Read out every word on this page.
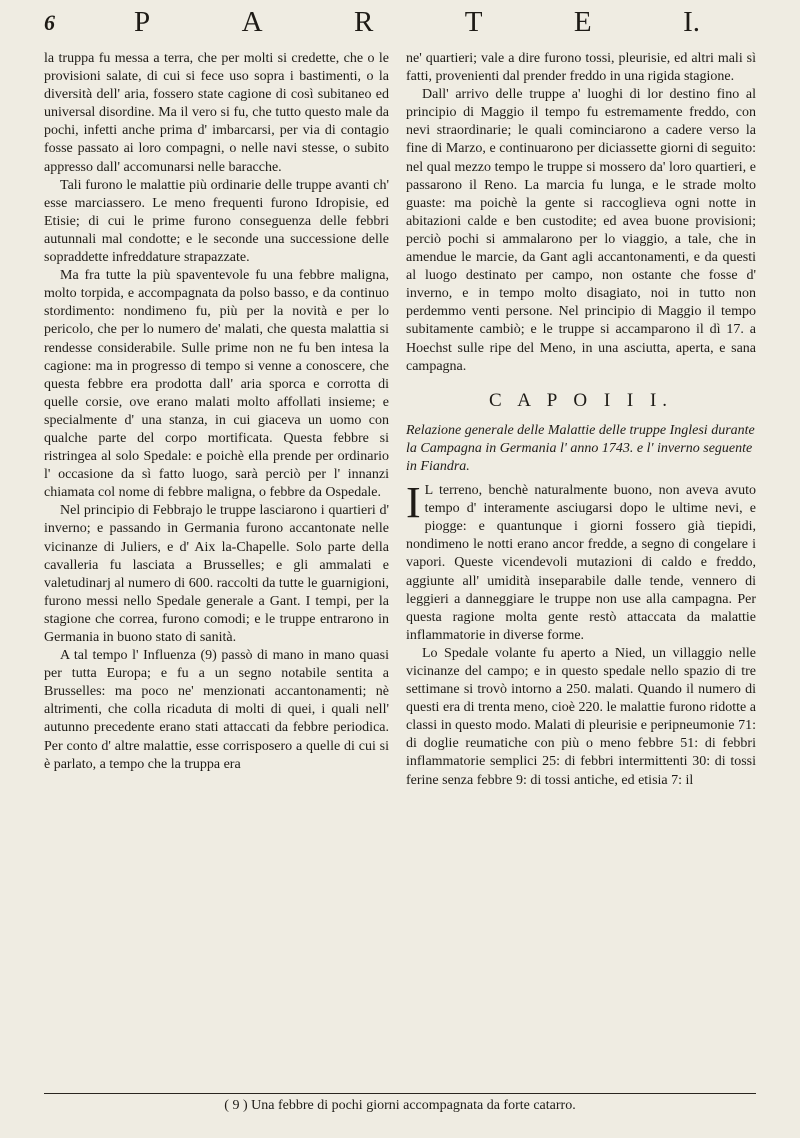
6	P	A	R	T	E	I.

la truppa fu messa a terra, che per molti si credette, che o le provisioni salate, di cui si fece uso sopra i bastimenti, o la diversità dell' aria, fossero state cagione di così subitaneo ed universal disordine. Ma il vero si fu, che tutto questo male da pochi, infetti anche prima d' imbarcarsi, per via di contagio fosse passato ai loro compagni, o nelle navi stesse, o subito appresso dall' accomunarsi nelle baracche.

Tali furono le malattie più ordinarie delle truppe avanti ch' esse marciassero. Le meno frequenti furono Idropisie, ed Etisie; di cui le prime furono conseguenza delle febbri autunnali mal condotte; e le seconde una successione delle sopraddette infreddature strapazzate.

Ma fra tutte la più spaventevole fu una febbre maligna, molto torpida, e accompagnata da polso basso, e da continuo stordimento: nondimeno fu, più per la novità e per lo pericolo, che per lo numero de' malati, che questa malattia si rendesse considerabile. Sulle prime non ne fu ben intesa la cagione: ma in progresso di tempo si venne a conoscere, che questa febbre era prodotta dall' aria sporca e corrotta di quelle corsie, ove erano malati molto affollati insieme; e specialmente d' una stanza, in cui giaceva un uomo con qualche parte del corpo mortificata. Questa febbre si ristringea al solo Spedale: e poichè ella prende per ordinario l' occasione da sì fatto luogo, sarà perciò per l' innanzi chiamata col nome di febbre maligna, o febbre da Ospedale.

Nel principio di Febbrajo le truppe lasciarono i quartieri d' inverno; e passando in Germania furono accantonate nelle vicinanze di Juliers, e d' Aix la-Chapelle. Solo parte della cavalleria fu lasciata a Brusselles; e gli ammalati e valetudinarj al numero di 600. raccolti da tutte le guarnigioni, furono messi nello Spedale generale a Gant. I tempi, per la stagione che correa, furono comodi; e le truppe entrarono in Germania in buono stato di sanità.

A tal tempo l' Influenza (9) passò di mano in mano quasi per tutta Europa; e fu a un segno notabile sentita a Brusselles: ma poco ne' menzionati accantonamenti; nè altrimenti, che colla ricaduta di molti di quei, i quali nell' autunno precedente erano stati attaccati da febbre periodica. Per conto d' altre malattie, esse corrisposero a quelle di cui si è parlato, a tempo che la truppa era

ne' quartieri; vale a dire furono tossi, pleurisie, ed altri mali sì fatti, provenienti dal prender freddo in una rigida stagione.

Dall' arrivo delle truppe a' luoghi di lor destino fino al principio di Maggio il tempo fu estremamente freddo, con nevi straordinarie; le quali cominciarono a cadere verso la fine di Marzo, e continuarono per diciassette giorni di seguito: nel qual mezzo tempo le truppe si mossero da' loro quartieri, e passarono il Reno. La marcia fu lunga, e le strade molto guaste: ma poichè la gente si raccoglieva ogni notte in abitazioni calde e ben custodite; ed avea buone provisioni; perciò pochi si ammalarono per lo viaggio, a tale, che in amendue le marcie, da Gant agli accantonamenti, e da questi al luogo destinato per campo, non ostante che fosse d' inverno, e in tempo molto disagiato, noi in tutto non perdemmo venti persone. Nel principio di Maggio il tempo subitamente cambiò; e le truppe si accamparono il dì 17. a Hoechst sulle ripe del Meno, in una asciutta, aperta, e sana campagna.

C A P O I I I.

Relazione generale delle Malattie delle truppe Inglesi durante la Campagna in Germania l' anno 1743. e l' inverno seguente in Fiandra.

I L terreno, benchè naturalmente buono, non aveva avuto tempo d' interamente asciugarsi dopo le ultime nevi, e piogge: e quantunque i giorni fossero già tiepidi, nondimeno le notti erano ancor fredde, a segno di congelare i vapori. Queste vicendevoli mutazioni di caldo e freddo, aggiunte all' umidità inseparabile dalle tende, vennero di leggieri a danneggiare le truppe non use alla campagna. Per questa ragione molta gente restò attaccata da malattie inflammatorie in diverse forme.

Lo Spedale volante fu aperto a Nied, un villaggio nelle vicinanze del campo; e in questo spedale nello spazio di tre settimane si trovò intorno a 250. malati. Quando il numero di questi era di trenta meno, cioè 220. le malattie furono ridotte a classi in questo modo. Malati di pleurisie e peripneumonie 71: di doglie reumatiche con più o meno febbre 51: di febbri inflammatorie semplici 25: di febbri intermittenti 30: di tossi ferine senza febbre 9: di tossi antiche, ed etisia 7: il

( 9 ) Una febbre di pochi giorni accompagnata da forte catarro.
